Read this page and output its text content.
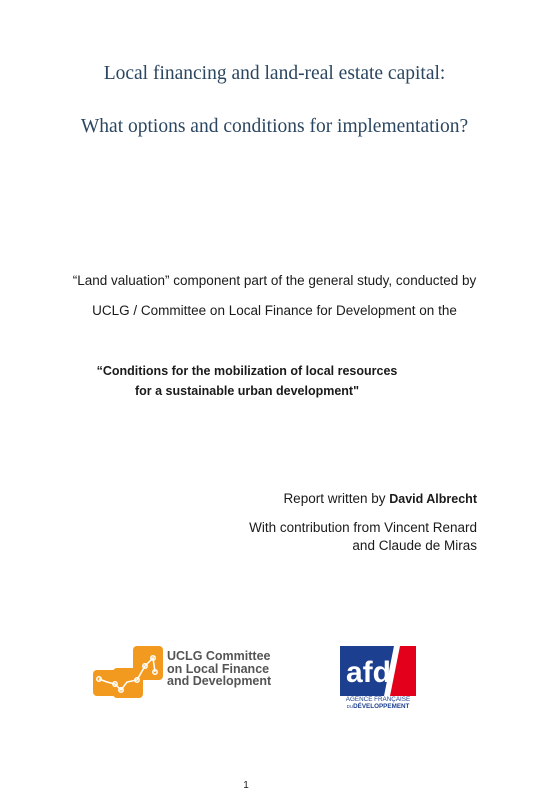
Local financing and land-real estate capital:
What options and conditions for implementation?
“Land valuation” component part of the general study, conducted by
UCLG / Committee on Local Finance for Development on the
“Conditions for the mobilization of local resources
for a sustainable urban development"
Report written by David Albrecht
With contribution from Vincent Renard
and Claude de Miras
UCLG Committee
on Local Finance
and Development afd
AGENCE FRANÇAISE
DUDÉVELOPPEMENT
1
